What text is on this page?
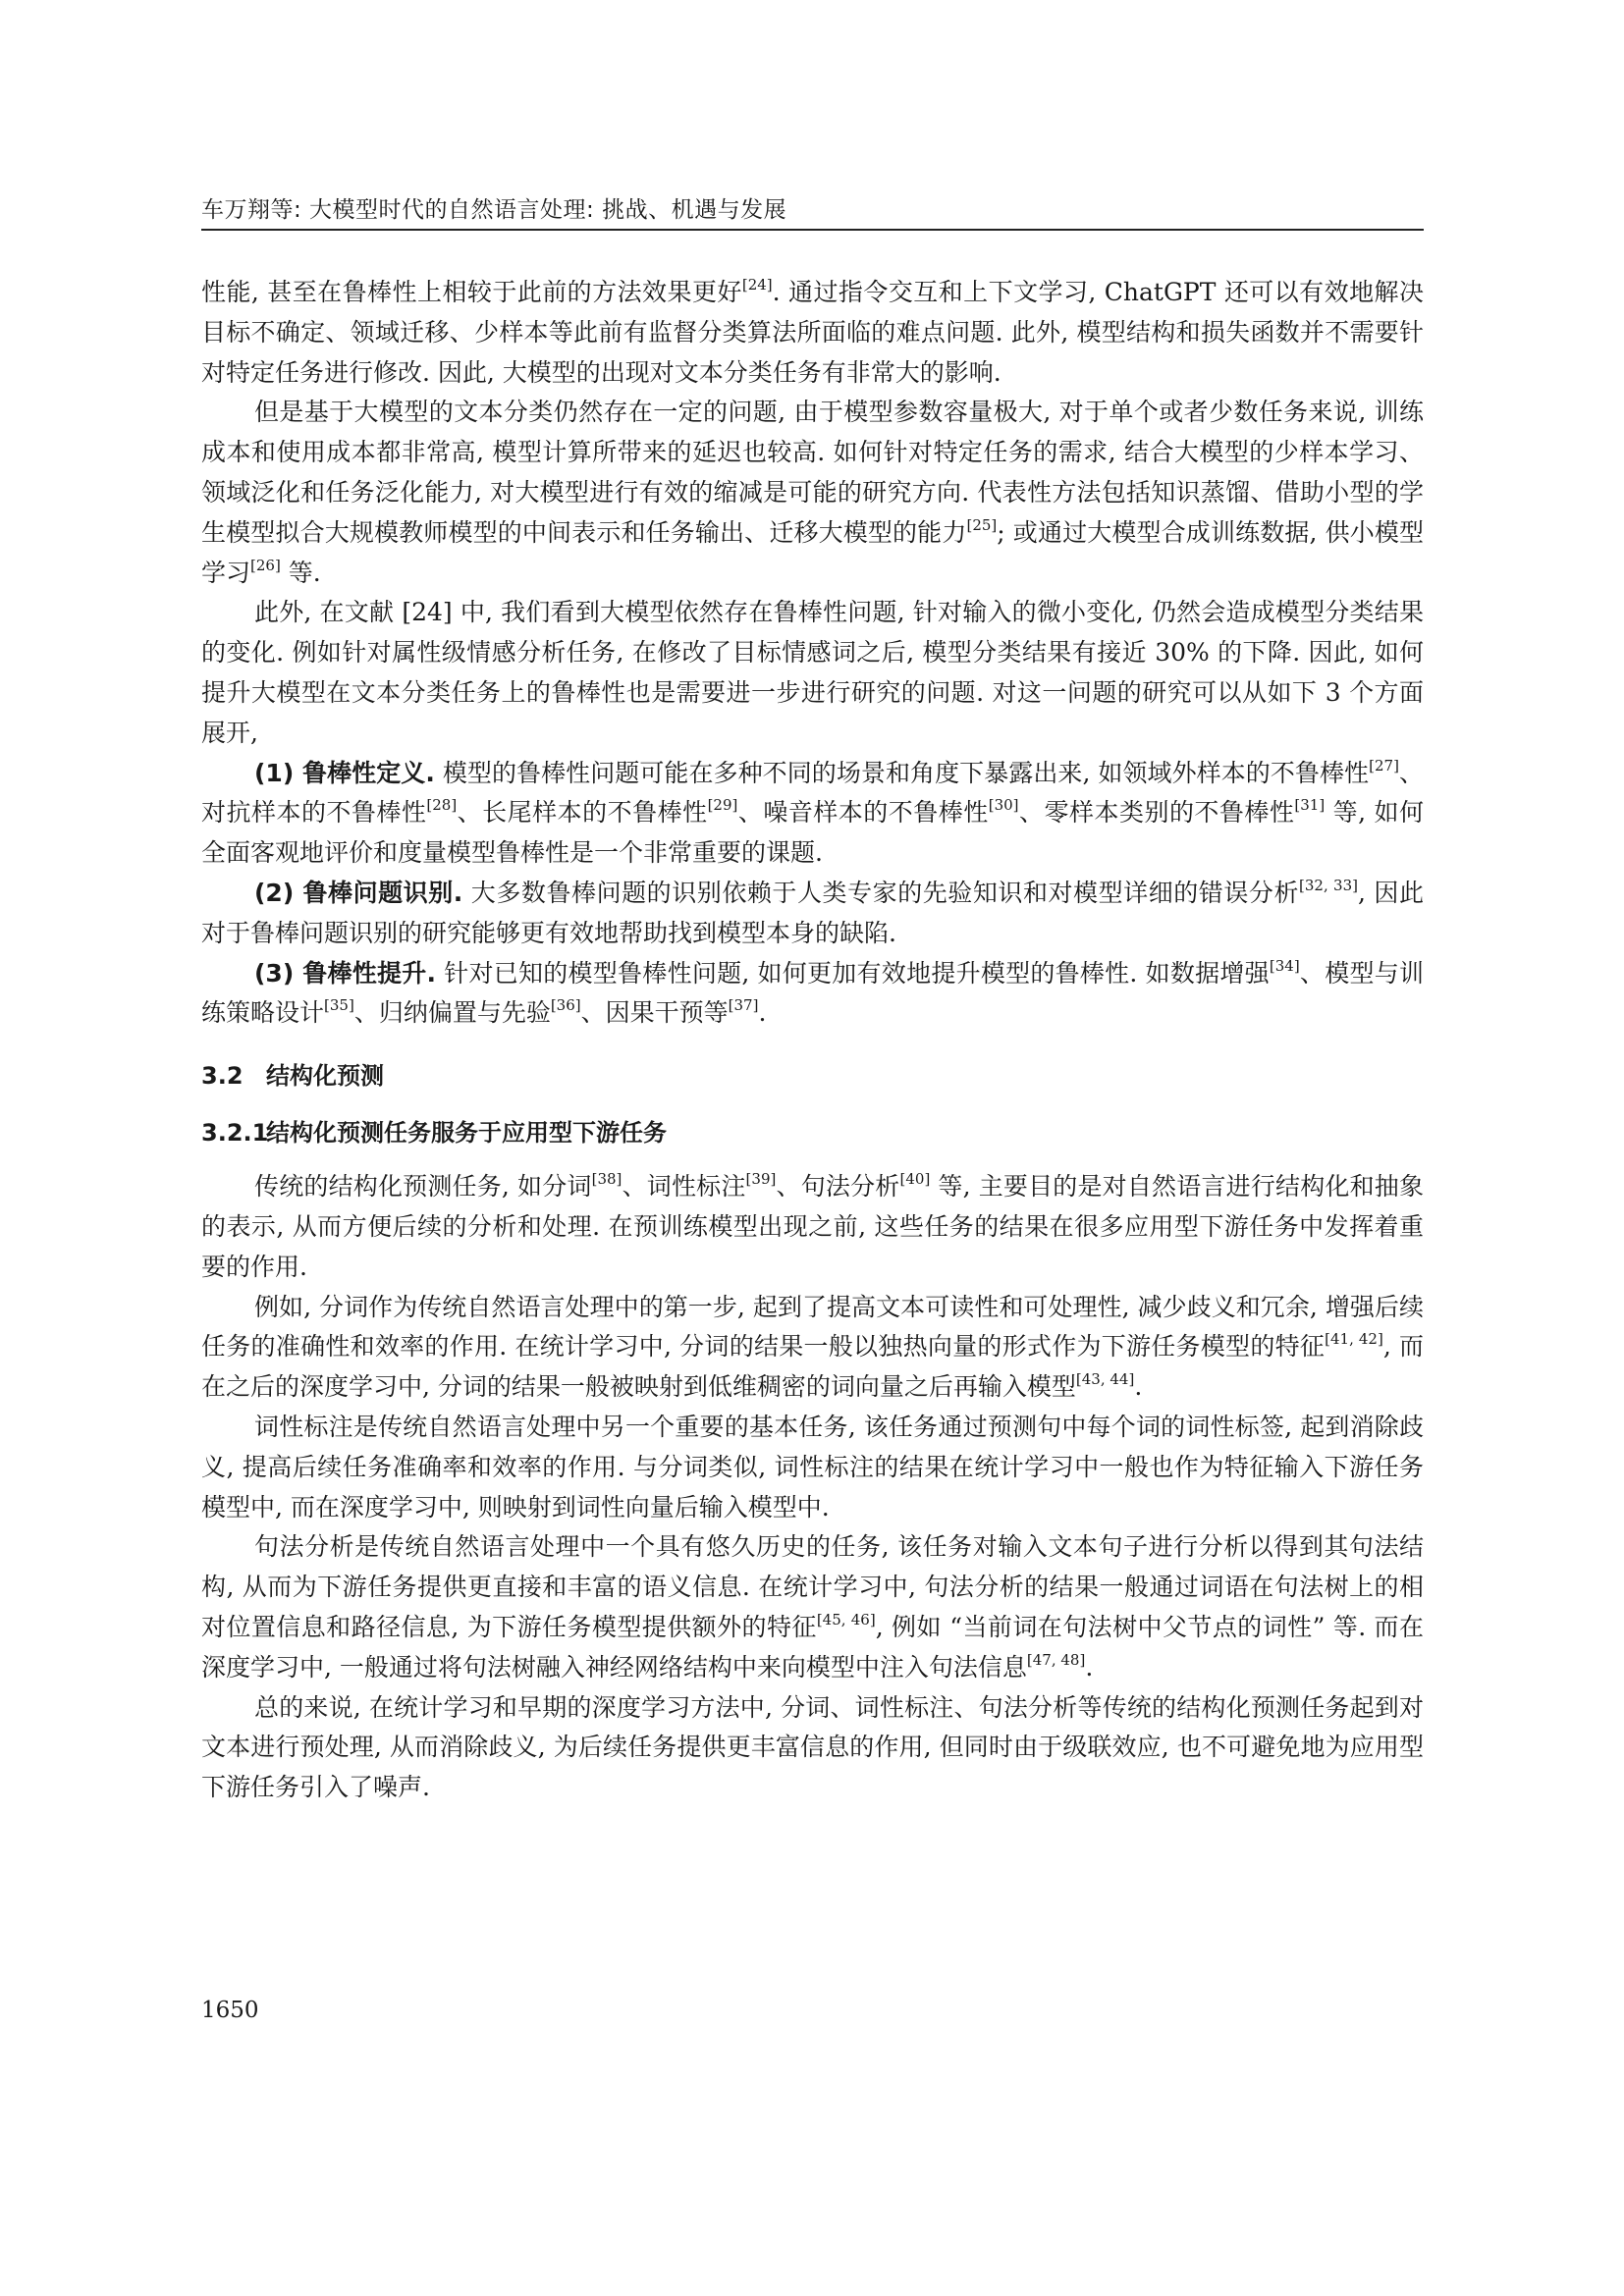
车万翔等: 大模型时代的自然语言处理: 挑战、机遇与发展

性能, 甚至在鲁棒性上相较于此前的方法效果更好[24]. 通过指令交互和上下文学习, ChatGPT 还可以有效地解决目标不确定、领域迁移、少样本等此前有监督分类算法所面临的难点问题. 此外, 模型结构和损失函数并不需要针对特定任务进行修改. 因此, 大模型的出现对文本分类任务有非常大的影响.

但是基于大模型的文本分类仍然存在一定的问题, 由于模型参数容量极大, 对于单个或者少数任务来说, 训练成本和使用成本都非常高, 模型计算所带来的延迟也较高. 如何针对特定任务的需求, 结合大模型的少样本学习、领域泛化和任务泛化能力, 对大模型进行有效的缩减是可能的研究方向. 代表性方法包括知识蒸馏、借助小型的学生模型拟合大规模教师模型的中间表示和任务输出、迁移大模型的能力[25]; 或通过大模型合成训练数据, 供小模型学习[26] 等.

此外, 在文献 [24] 中, 我们看到大模型依然存在鲁棒性问题, 针对输入的微小变化, 仍然会造成模型分类结果的变化. 例如针对属性级情感分析任务, 在修改了目标情感词之后, 模型分类结果有接近 30% 的下降. 因此, 如何提升大模型在文本分类任务上的鲁棒性也是需要进一步进行研究的问题. 对这一问题的研究可以从如下 3 个方面展开,

(1) 鲁棒性定义. 模型的鲁棒性问题可能在多种不同的场景和角度下暴露出来, 如领域外样本的不鲁棒性[27]、对抗样本的不鲁棒性[28]、长尾样本的不鲁棒性[29]、噪音样本的不鲁棒性[30]、零样本类别的不鲁棒性[31] 等, 如何全面客观地评价和度量模型鲁棒性是一个非常重要的课题.

(2) 鲁棒问题识别. 大多数鲁棒问题的识别依赖于人类专家的先验知识和对模型详细的错误分析[32, 33], 因此对于鲁棒问题识别的研究能够更有效地帮助找到模型本身的缺陷.

(3) 鲁棒性提升. 针对已知的模型鲁棒性问题, 如何更加有效地提升模型的鲁棒性. 如数据增强[34]、模型与训练策略设计[35]、归纳偏置与先验[36]、因果干预等[37].

3.2 结构化预测
3.2.1结构化预测任务服务于应用型下游任务

传统的结构化预测任务, 如分词[38]、词性标注[39]、句法分析[40] 等, 主要目的是对自然语言进行结构化和抽象的表示, 从而方便后续的分析和处理. 在预训练模型出现之前, 这些任务的结果在很多应用型下游任务中发挥着重要的作用.

例如, 分词作为传统自然语言处理中的第一步, 起到了提高文本可读性和可处理性, 减少歧义和冗余, 增强后续任务的准确性和效率的作用. 在统计学习中, 分词的结果一般以独热向量的形式作为下游任务模型的特征[41, 42], 而在之后的深度学习中, 分词的结果一般被映射到低维稠密的词向量之后再输入模型[43, 44].

词性标注是传统自然语言处理中另一个重要的基本任务, 该任务通过预测句中每个词的词性标签, 起到消除歧义, 提高后续任务准确率和效率的作用. 与分词类似, 词性标注的结果在统计学习中一般也作为特征输入下游任务模型中, 而在深度学习中, 则映射到词性向量后输入模型中.

句法分析是传统自然语言处理中一个具有悠久历史的任务, 该任务对输入文本句子进行分析以得到其句法结构, 从而为下游任务提供更直接和丰富的语义信息. 在统计学习中, 句法分析的结果一般通过词语在句法树上的相对位置信息和路径信息, 为下游任务模型提供额外的特征[45, 46], 例如 “当前词在句法树中父节点的词性” 等. 而在深度学习中, 一般通过将句法树融入神经网络结构中来向模型中注入句法信息[47, 48].

总的来说, 在统计学习和早期的深度学习方法中, 分词、词性标注、句法分析等传统的结构化预测任务起到对文本进行预处理, 从而消除歧义, 为后续任务提供更丰富信息的作用, 但同时由于级联效应, 也不可避免地为应用型下游任务引入了噪声.

1650
